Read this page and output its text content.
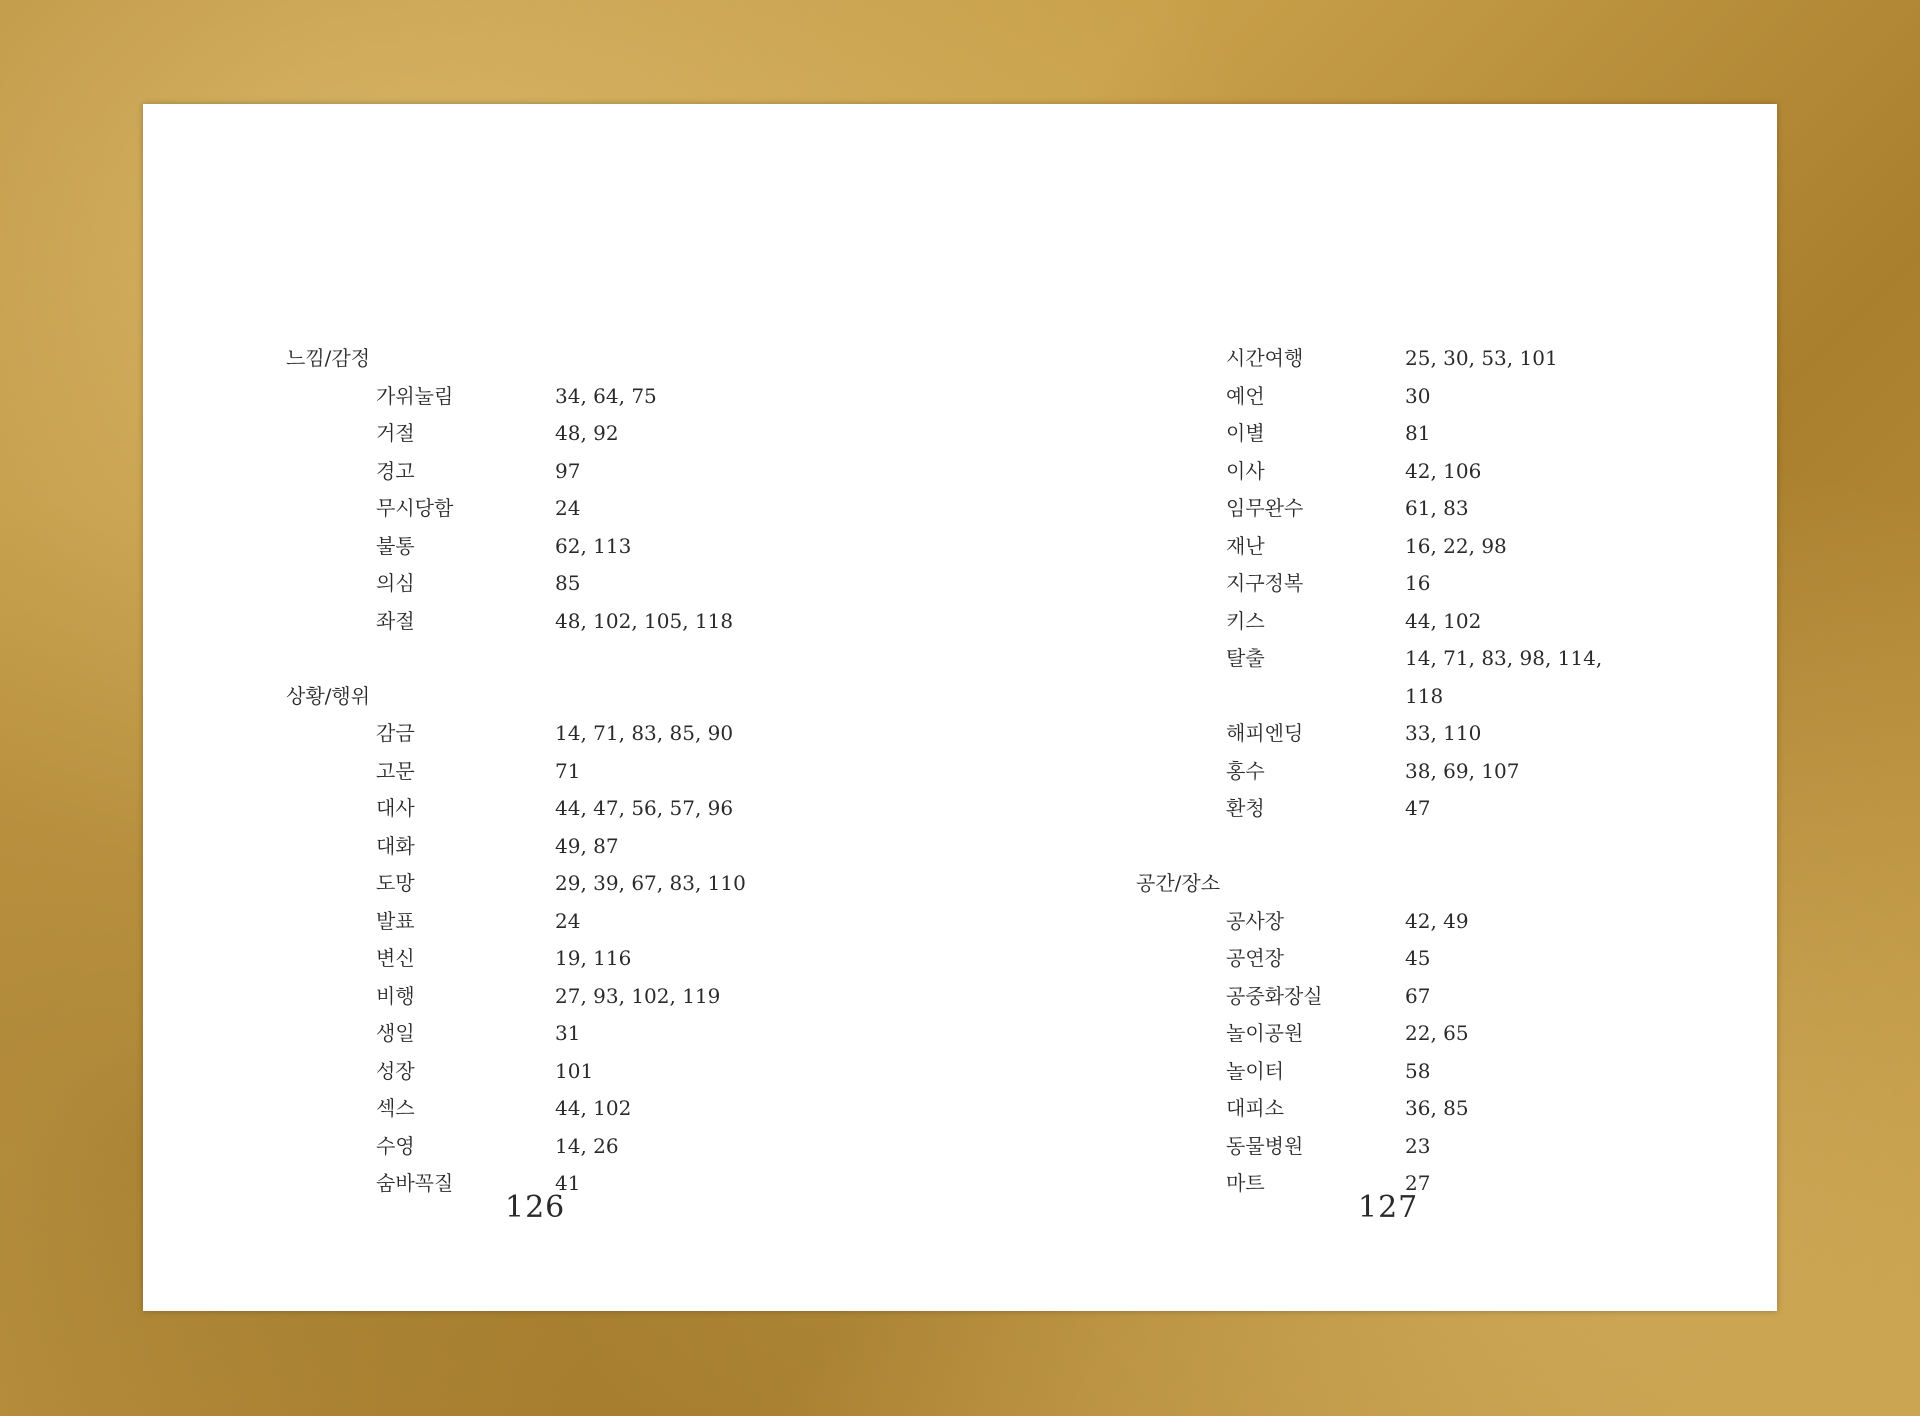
느낌/감정
가위눌림	34, 64, 75
거절	48, 92
경고	97
무시당함	24
불통	62, 113
의심	85
좌절	48, 102, 105, 118
상황/행위
감금	14, 71, 83, 85, 90
고문	71
대사	44, 47, 56, 57, 96
대화	49, 87
도망	29, 39, 67, 83, 110
발표	24
변신	19, 116
비행	27, 93, 102, 119
생일	31
성장	101
섹스	44, 102
수영	14, 26
숨바꼭질	41
시간여행	25, 30, 53, 101
예언	30
이별	81
이사	42, 106
임무완수	61, 83
재난	16, 22, 98
지구정복	16
키스	44, 102
탈출	14, 71, 83, 98, 114, 118
해피엔딩	33, 110
홍수	38, 69, 107
환청	47
공간/장소
공사장	42, 49
공연장	45
공중화장실	67
놀이공원	22, 65
놀이터	58
대피소	36, 85
동물병원	23
마트	27
126	127
